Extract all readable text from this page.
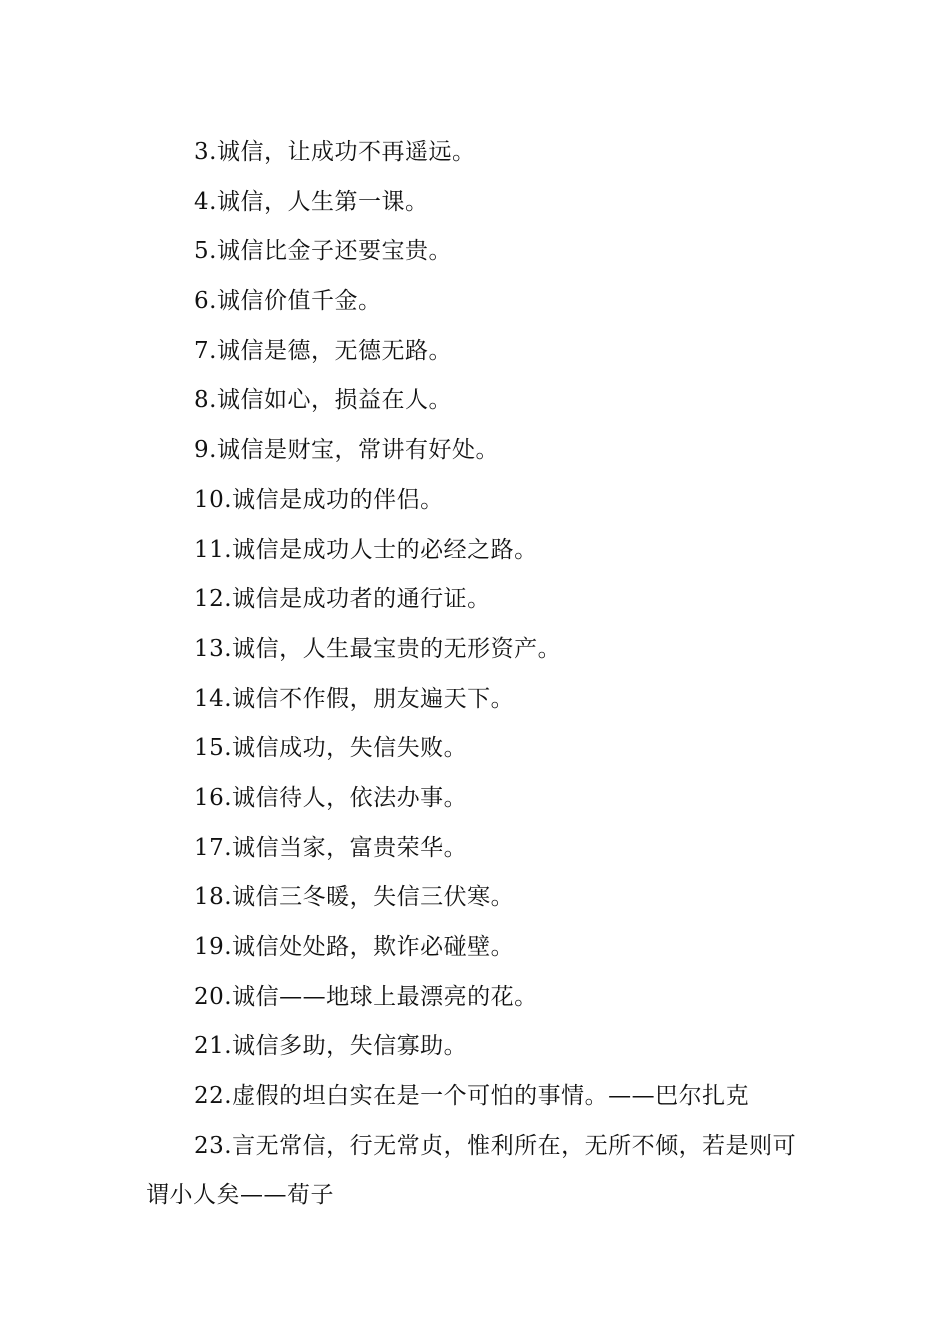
3.诚信，让成功不再遥远。
4.诚信，人生第一课。
5.诚信比金子还要宝贵。
6.诚信价值千金。
7.诚信是德，无德无路。
8.诚信如心，损益在人。
9.诚信是财宝，常讲有好处。
10.诚信是成功的伴侣。
11.诚信是成功人士的必经之路。
12.诚信是成功者的通行证。
13.诚信，人生最宝贵的无形资产。
14.诚信不作假，朋友遍天下。
15.诚信成功，失信失败。
16.诚信待人，依法办事。
17.诚信当家，富贵荣华。
18.诚信三冬暖，失信三伏寒。
19.诚信处处路，欺诈必碰壁。
20.诚信——地球上最漂亮的花。
21.诚信多助，失信寡助。
22.虚假的坦白实在是一个可怕的事情。——巴尔扎克
23.言无常信，行无常贞，惟利所在，无所不倾，若是则可谓小人矣——荀子
